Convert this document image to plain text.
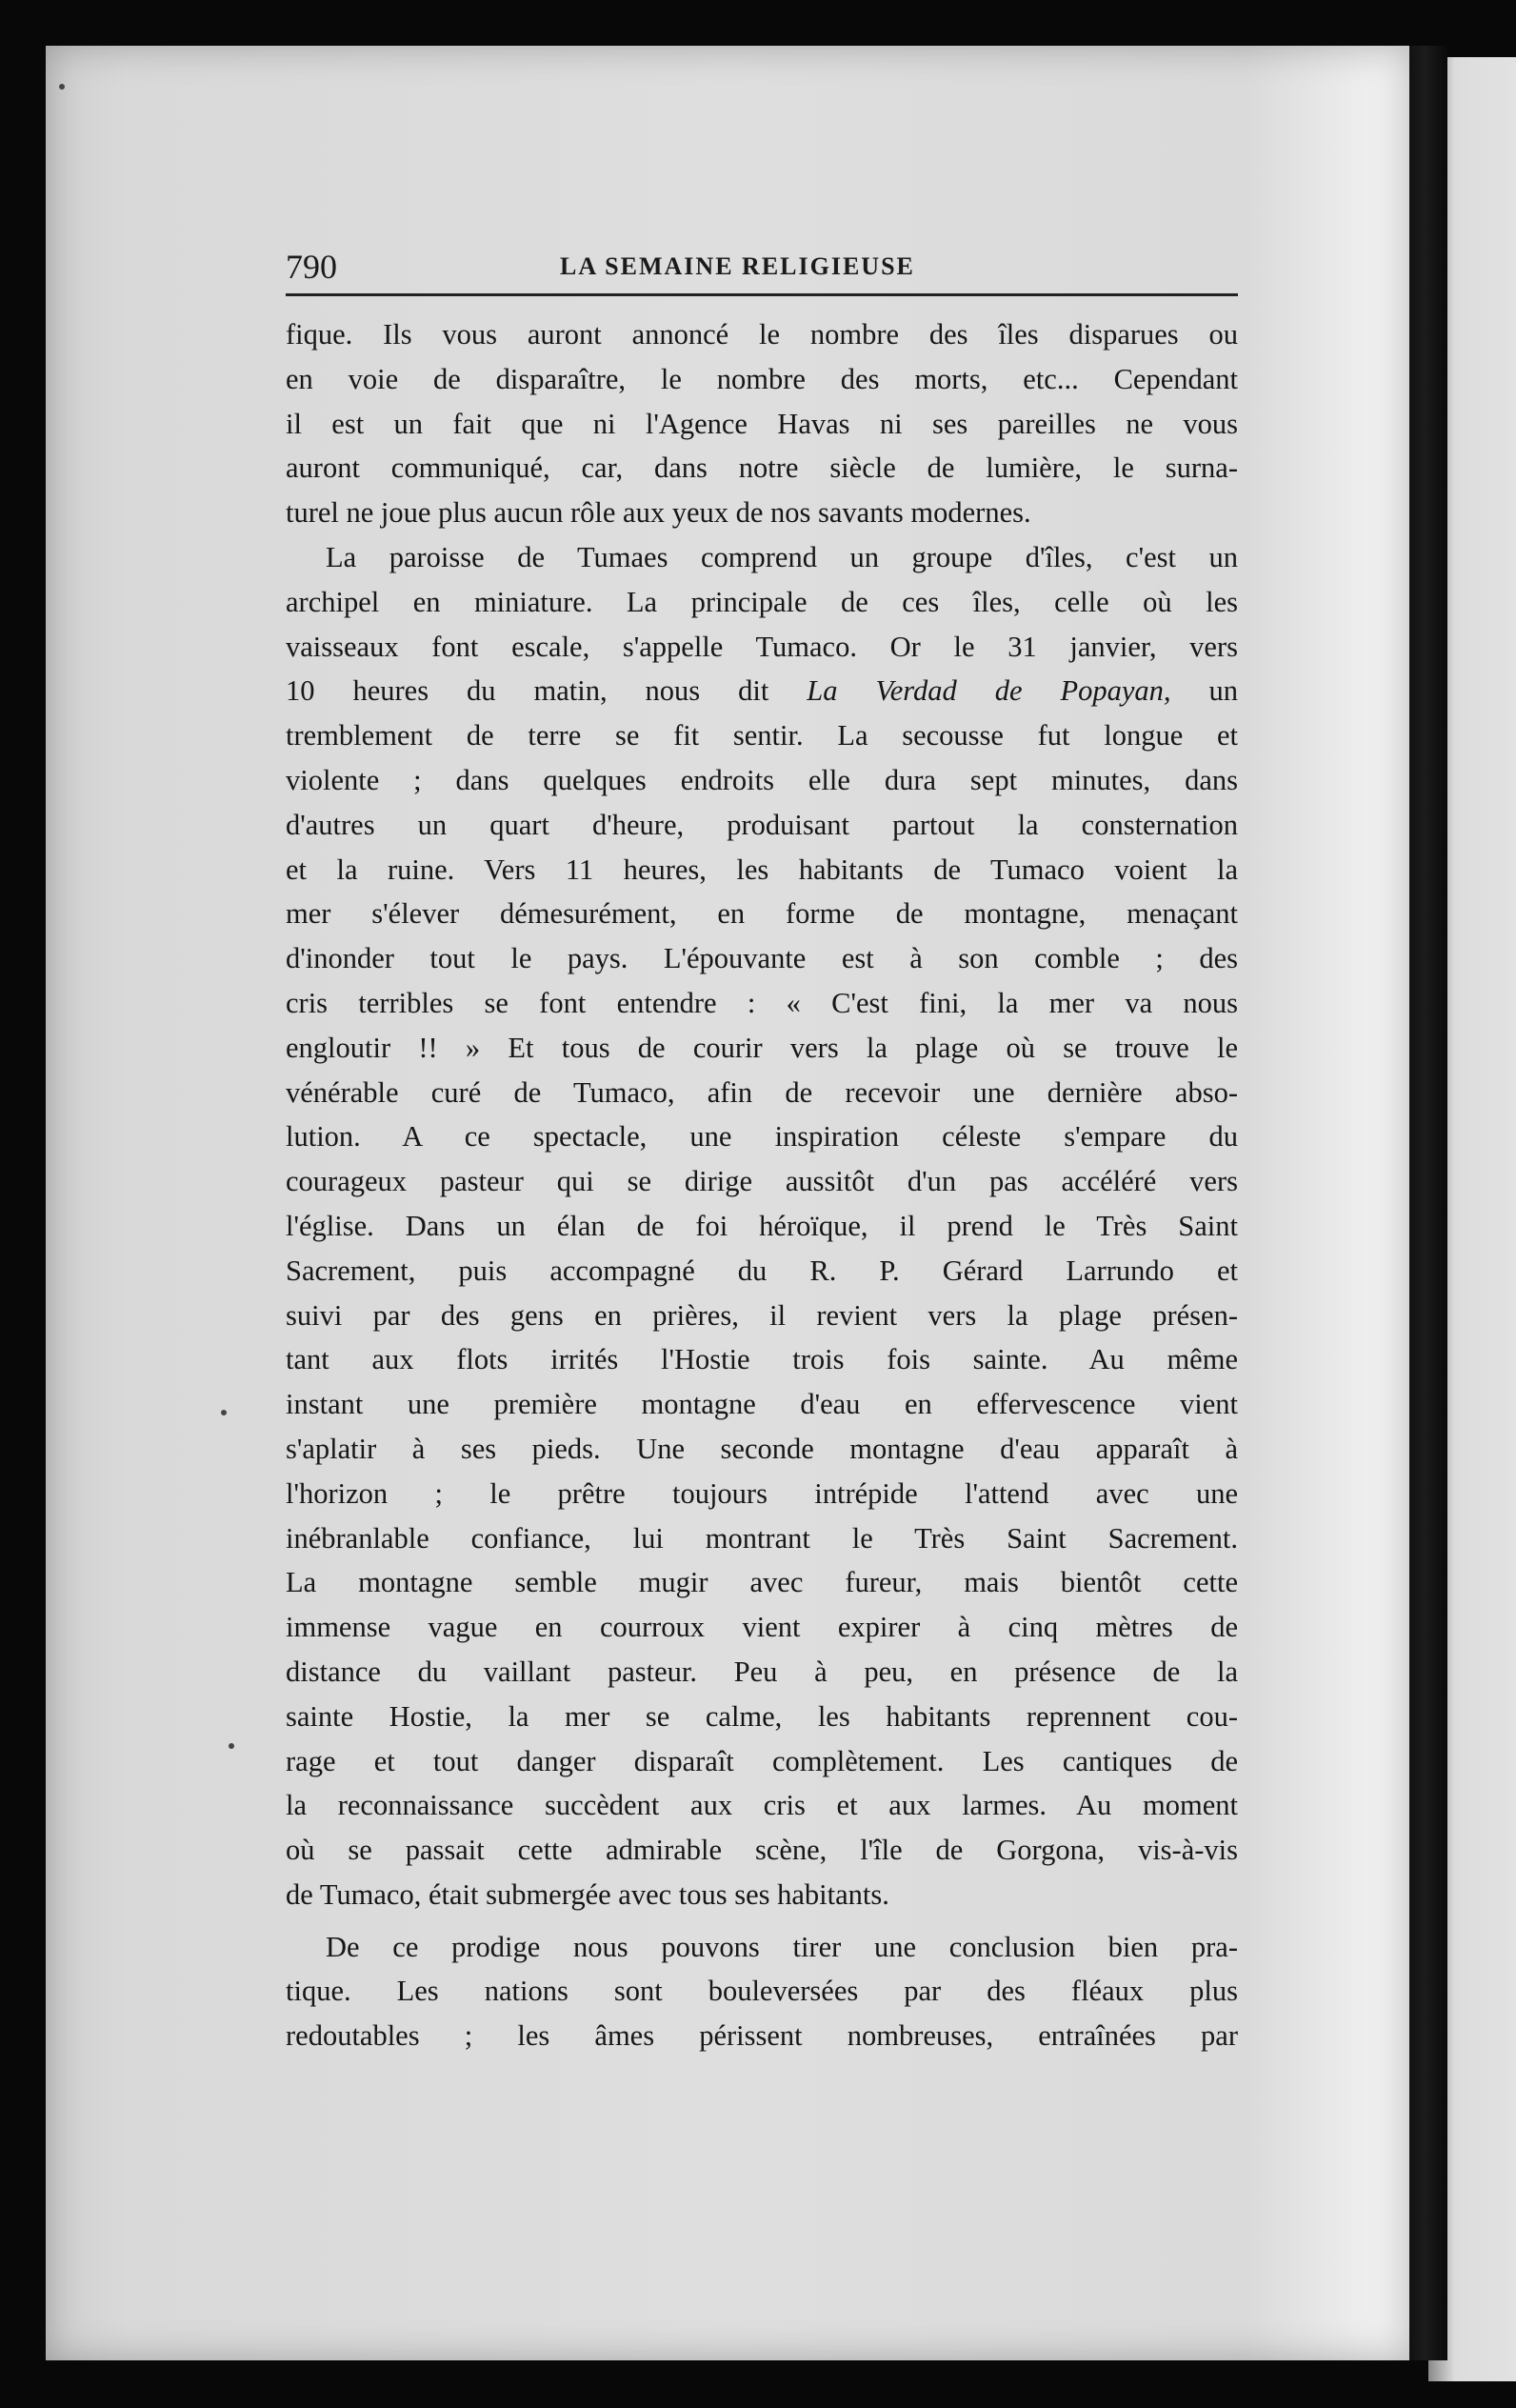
790	LA SEMAINE RELIGIEUSE
fique. Ils vous auront annoncé le nombre des îles disparues ou
en voie de disparaître, le nombre des morts, etc... Cependant
il est un fait que ni l'Agence Havas ni ses pareilles ne vous
auront communiqué, car, dans notre siècle de lumière, le surna-
turel ne joue plus aucun rôle aux yeux de nos savants modernes.
La paroisse de Tumaes comprend un groupe d'îles, c'est un
archipel en miniature. La principale de ces îles, celle où les
vaisseaux font escale, s'appelle Tumaco. Or le 31 janvier, vers
10 heures du matin, nous dit La Verdad de Popayan, un
tremblement de terre se fit sentir. La secousse fut longue et
violente ; dans quelques endroits elle dura sept minutes, dans
d'autres un quart d'heure, produisant partout la consternation
et la ruine. Vers 11 heures, les habitants de Tumaco voient la
mer s'élever démesurément, en forme de montagne, menaçant
d'inonder tout le pays. L'épouvante est à son comble ; des
cris terribles se font entendre : « C'est fini, la mer va nous
engloutir !! » Et tous de courir vers la plage où se trouve le
vénérable curé de Tumaco, afin de recevoir une dernière abso-
lution. A ce spectacle, une inspiration céleste s'empare du
courageux pasteur qui se dirige aussitôt d'un pas accéléré vers
l'église. Dans un élan de foi héroïque, il prend le Très Saint
Sacrement, puis accompagné du R. P. Gérard Larrundo et
suivi par des gens en prières, il revient vers la plage présen-
tant aux flots irrités l'Hostie trois fois sainte. Au même
instant une première montagne d'eau en effervescence vient
s'aplatir à ses pieds. Une seconde montagne d'eau apparaît à
l'horizon ; le prêtre toujours intrépide l'attend avec une
inébranlable confiance, lui montrant le Très Saint Sacrement.
La montagne semble mugir avec fureur, mais bientôt cette
immense vague en courroux vient expirer à cinq mètres de
distance du vaillant pasteur. Peu à peu, en présence de la
sainte Hostie, la mer se calme, les habitants reprennent cou-
rage et tout danger disparaît complètement. Les cantiques de
la reconnaissance succèdent aux cris et aux larmes. Au moment
où se passait cette admirable scène, l'île de Gorgona, vis-à-vis
de Tumaco, était submergée avec tous ses habitants.
De ce prodige nous pouvons tirer une conclusion bien pra-
tique. Les nations sont bouleversées par des fléaux plus
redoutables ; les âmes périssent nombreuses, entraînées par
